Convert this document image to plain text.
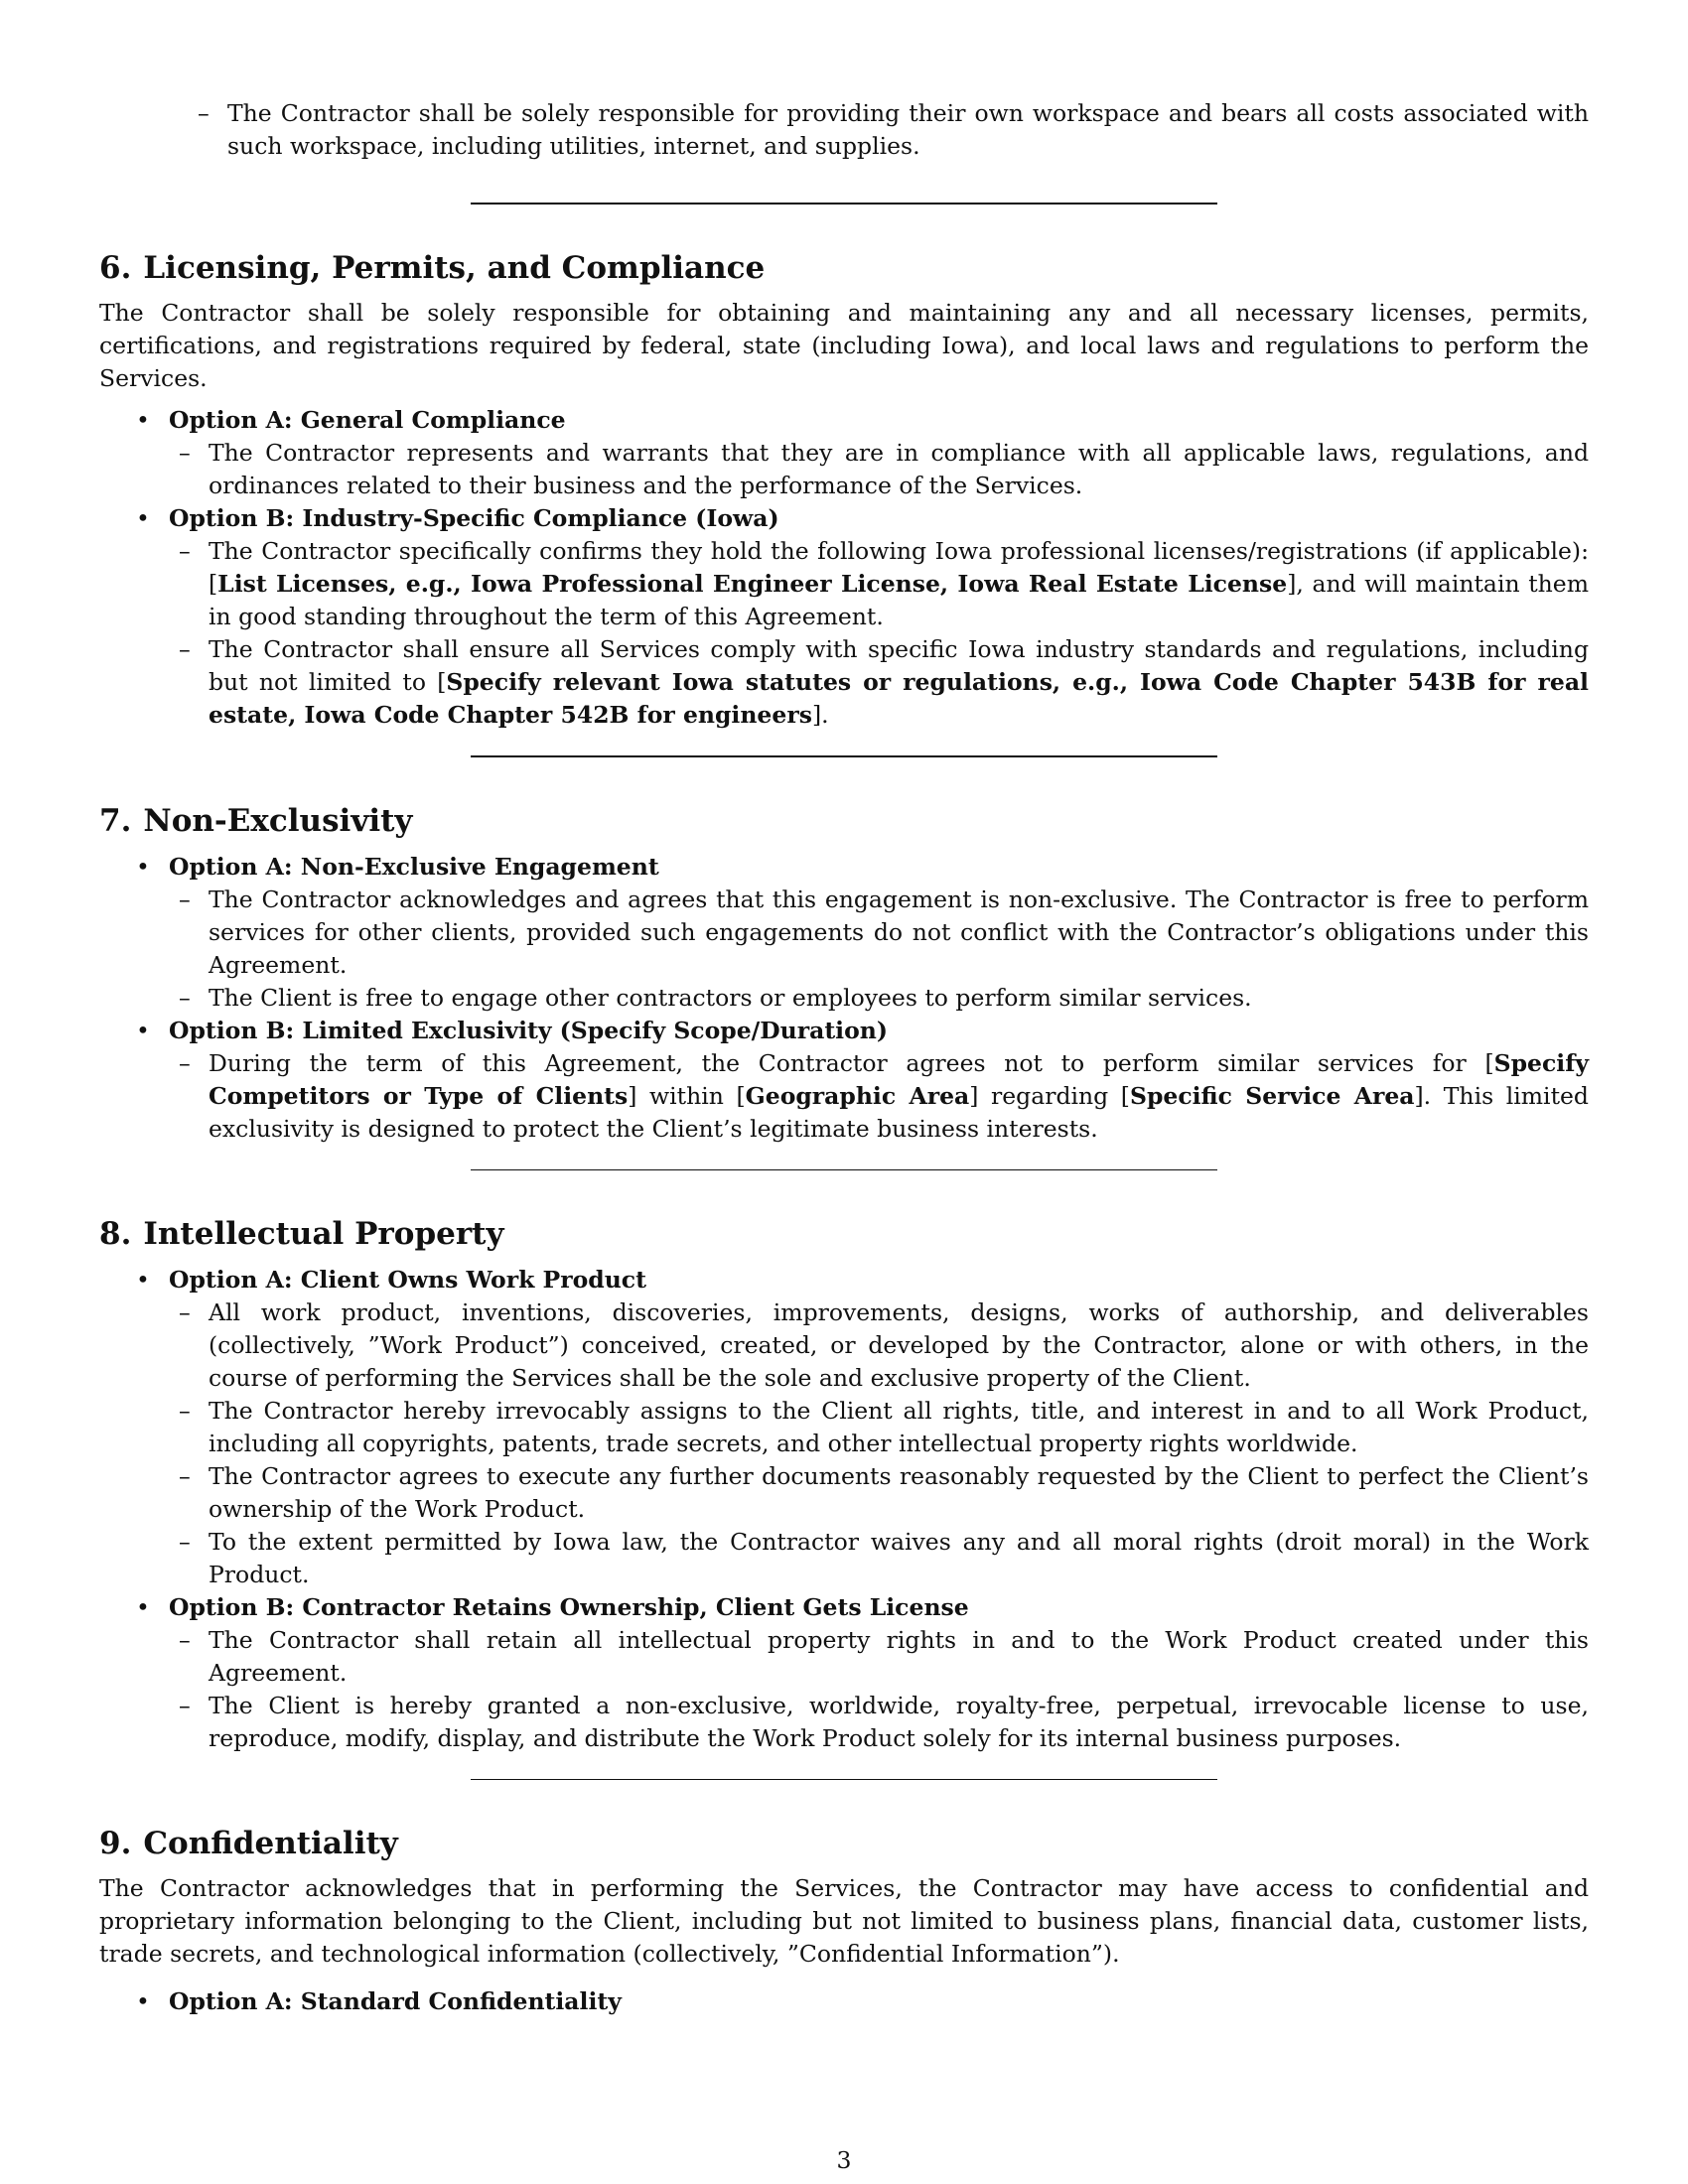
– The Contractor shall be solely responsible for providing their own workspace and bears all costs associated with such workspace, including utilities, internet, and supplies.
6. Licensing, Permits, and Compliance

The Contractor shall be solely responsible for obtaining and maintaining any and all necessary licenses, permits, certifications, and registrations required by federal, state (including Iowa), and local laws and regulations to perform the Services.

• Option A: General Compliance
– The Contractor represents and warrants that they are in compliance with all applicable laws, regulations, and ordinances related to their business and the performance of the Services.
• Option B: Industry-Specific Compliance (Iowa)
– The Contractor specifically confirms they hold the following Iowa professional licenses/registrations (if applicable): [List Licenses, e.g., Iowa Professional Engineer License, Iowa Real Estate License], and will maintain them in good standing throughout the term of this Agreement.
– The Contractor shall ensure all Services comply with specific Iowa industry standards and regulations, including but not limited to [Specify relevant Iowa statutes or regulations, e.g., Iowa Code Chapter 543B for real estate, Iowa Code Chapter 542B for engineers].
7. Non-Exclusivity
• Option A: Non-Exclusive Engagement
– The Contractor acknowledges and agrees that this engagement is non-exclusive. The Contractor is free to perform services for other clients, provided such engagements do not conflict with the Contractor’s obligations under this Agreement.
– The Client is free to engage other contractors or employees to perform similar services.
• Option B: Limited Exclusivity (Specify Scope/Duration)
– During the term of this Agreement, the Contractor agrees not to perform similar services for [Specify Competitors or Type of Clients] within [Geographic Area] regarding [Specific Service Area]. This limited exclusivity is designed to protect the Client’s legitimate business interests.
8. Intellectual Property
• Option A: Client Owns Work Product
– All work product, inventions, discoveries, improvements, designs, works of authorship, and deliverables (collectively, ”Work Product”) conceived, created, or developed by the Contractor, alone or with others, in the course of performing the Services shall be the sole and exclusive property of the Client.
– The Contractor hereby irrevocably assigns to the Client all rights, title, and interest in and to all Work Product, including all copyrights, patents, trade secrets, and other intellectual property rights worldwide.
– The Contractor agrees to execute any further documents reasonably requested by the Client to perfect the Client’s ownership of the Work Product.
– To the extent permitted by Iowa law, the Contractor waives any and all moral rights (droit moral) in the Work Product.
• Option B: Contractor Retains Ownership, Client Gets License
– The Contractor shall retain all intellectual property rights in and to the Work Product created under this Agreement.
– The Client is hereby granted a non-exclusive, worldwide, royalty-free, perpetual, irrevocable license to use, reproduce, modify, display, and distribute the Work Product solely for its internal business purposes.
9. Confidentiality

The Contractor acknowledges that in performing the Services, the Contractor may have access to confidential and proprietary information belonging to the Client, including but not limited to business plans, financial data, customer lists, trade secrets, and technological information (collectively, ”Confidential Information”).

• Option A: Standard Confidentiality
3
